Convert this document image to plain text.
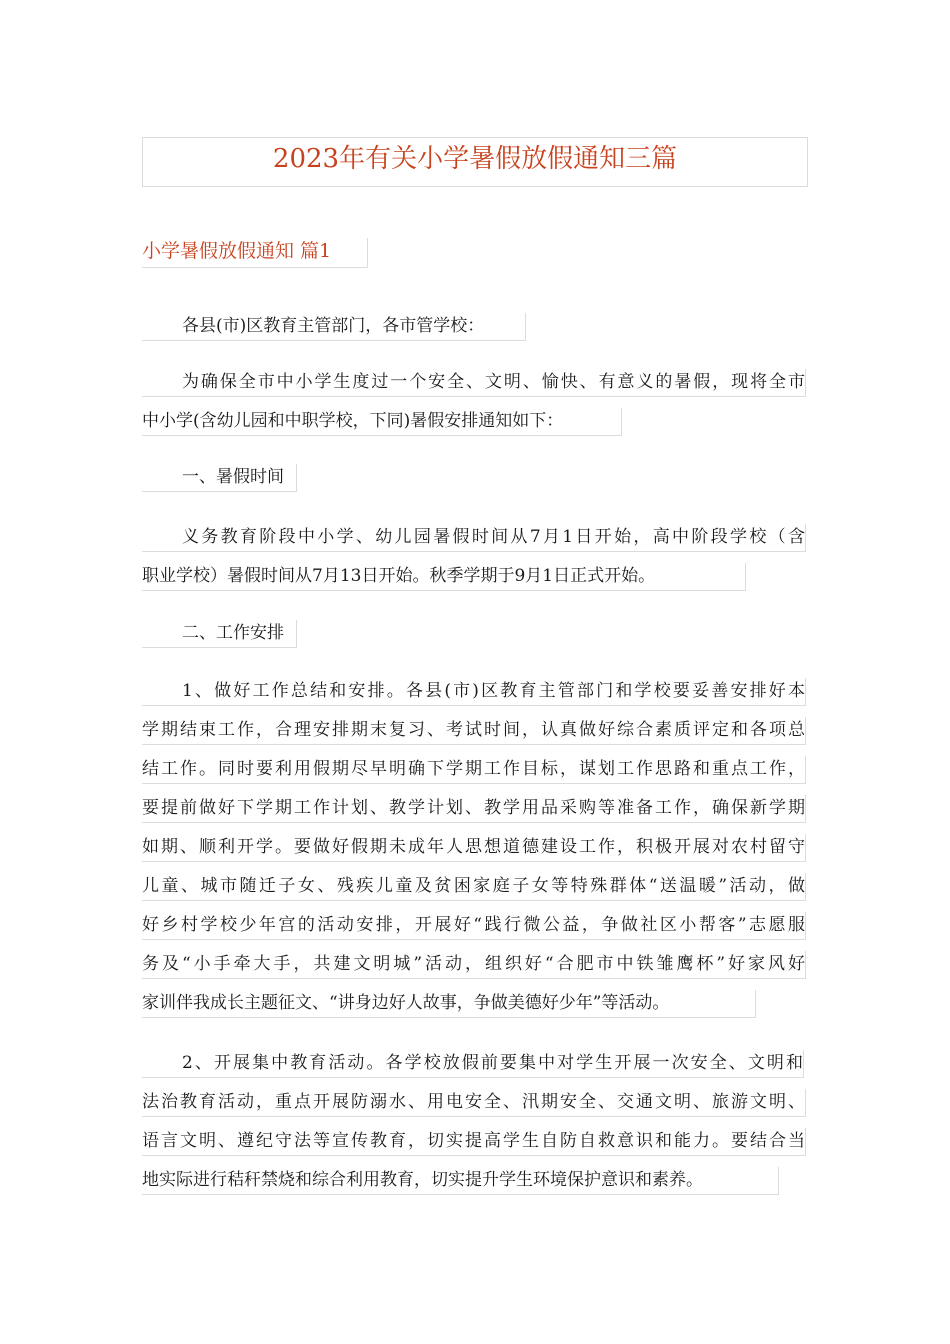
2023年有关小学暑假放假通知三篇
小学暑假放假通知 篇1
各县(市)区教育主管部门，各市管学校：
为确保全市中小学生度过一个安全、文明、愉快、有意义的暑假，现将全市
中小学(含幼儿园和中职学校，下同)暑假安排通知如下：
一、暑假时间
义务教育阶段中小学、幼儿园暑假时间从7月1日开始，高中阶段学校（含
职业学校）暑假时间从7月13日开始。秋季学期于9月1日正式开始。
二、工作安排
1、做好工作总结和安排。各县(市)区教育主管部门和学校要妥善安排好本
学期结束工作，合理安排期末复习、考试时间，认真做好综合素质评定和各项总
结工作。同时要利用假期尽早明确下学期工作目标，谋划工作思路和重点工作，
要提前做好下学期工作计划、教学计划、教学用品采购等准备工作，确保新学期
如期、顺利开学。要做好假期未成年人思想道德建设工作，积极开展对农村留守
儿童、城市随迁子女、残疾儿童及贫困家庭子女等特殊群体“送温暖”活动，做
好乡村学校少年宫的活动安排，开展好“践行微公益，争做社区小帮客”志愿服
务及“小手牵大手，共建文明城”活动，组织好“合肥市中铁雏鹰杯”好家风好
家训伴我成长主题征文、“讲身边好人故事，争做美德好少年”等活动。
2、开展集中教育活动。各学校放假前要集中对学生开展一次安全、文明和
法治教育活动，重点开展防溺水、用电安全、汛期安全、交通文明、旅游文明、
语言文明、遵纪守法等宣传教育，切实提高学生自防自救意识和能力。要结合当
地实际进行秸秆禁烧和综合利用教育，切实提升学生环境保护意识和素养。
